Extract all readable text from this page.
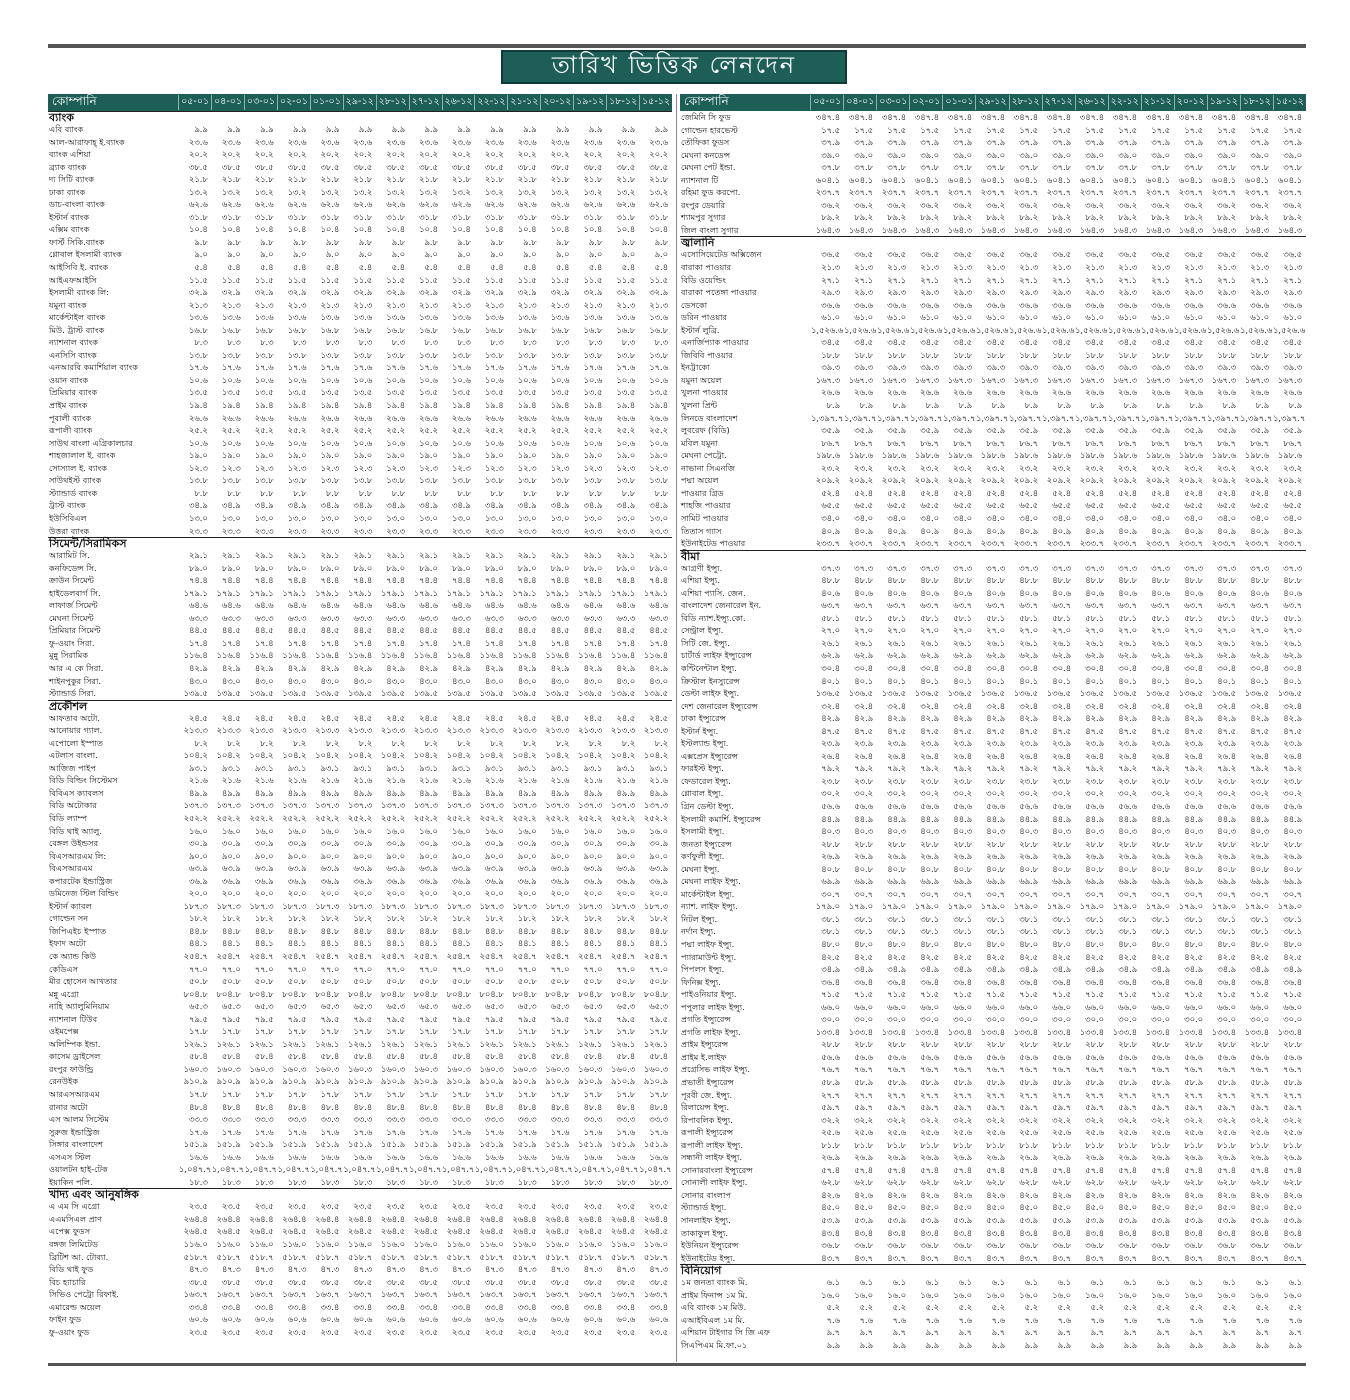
তারিখ ভিত্তিক লেনদেন
কোম্পানি	০৫-০১ ০৪-০১ ০৩-০১ ০২-০১ ০১-০১ ২৯-১২ ২৮-১২ ২৭-১২ ২৬-১২ ২২-১২ ২১-১২ ২০-১২ ১৯-১২ ১৮-১২ ১৫-১২
ব্যাংক
এবি ব্যাংক	৯.৯	৯.৯	৯.৯	৯.৯	৯.৯	৯.৯	৯.৯	৯.৯	৯.৯	৯.৯	৯.৯	৯.৯	৯.৯	৯.৯	৯.৯
আল-আরাফাহ্‌ ই.ব্যাংক	২৩.৬	২৩.৬	২৩.৬	২৩.৬	২৩.৬	২৩.৬	২৩.৬	২৩.৬	২৩.৬	২৩.৬	২৩.৬	২৩.৬	২৩.৬	২৩.৬	২৩.৬
ব্যাংক এশিয়া	২০.২	২০.২	২০.২	২০.২	২০.২	২০.২	২০.২	২০.২	২০.২	২০.২	২০.২	২০.২	২০.২	২০.২	২০.২
ব্র্যাক ব্যাংক	৩৮.৫	৩৮.৫	৩৮.৫	৩৮.৫	৩৮.৫	৩৮.৫	৩৮.৫	৩৮.৫	৩৮.৫	৩৮.৫	৩৮.৫	৩৮.৫	৩৮.৫	৩৮.৫	৩৮.৫
দ্য সিটি ব্যাংক	২১.৮	২১.৮	২১.৮	২১.৮	২১.৮	২১.৮	২১.৮	২১.৮	২১.৮	২১.৮	২১.৮	২১.৮	২১.৮	২১.৮	২১.৮
ঢাকা ব্যাংক	১৩.২	১৩.২	১৩.২	১৩.২	১৩.২	১৩.২	১৩.২	১৩.২	১৩.২	১৩.২	১৩.২	১৩.২	১৩.২	১৩.২	১৩.২
ডাচ-বাংলা ব্যাংক	৬২.৬	৬২.৬	৬২.৬	৬২.৬	৬২.৬	৬২.৬	৬২.৬	৬২.৬	৬২.৬	৬২.৬	৬২.৬	৬২.৬	৬২.৬	৬২.৬	৬২.৬
ইস্টার্ন ব্যাংক	৩১.৮	৩১.৮	৩১.৮	৩১.৮	৩১.৮	৩১.৮	৩১.৮	৩১.৮	৩১.৮	৩১.৮	৩১.৮	৩১.৮	৩১.৮	৩১.৮	৩১.৮
এক্সিম ব্যাংক	১০.৪	১০.৪	১০.৪	১০.৪	১০.৪	১০.৪	১০.৪	১০.৪	১০.৪	১০.৪	১০.৪	১০.৪	১০.৪	১০.৪	১০.৪
ফার্স্ট সিকি.ব্যাংক	৯.৮	৯.৮	৯.৮	৯.৮	৯.৮	৯.৮	৯.৮	৯.৮	৯.৮	৯.৮	৯.৮	৯.৮	৯.৮	৯.৮	৯.৮
গ্লোবাল ইসলামী ব্যাংক	৯.০	৯.০	৯.০	৯.০	৯.০	৯.০	৯.০	৯.০	৯.০	৯.০	৯.০	৯.০	৯.০	৯.০	৯.০
আইসিবি ই. ব্যাংক	৫.৪	৫.৪	৫.৪	৫.৪	৫.৪	৫.৪	৫.৪	৫.৪	৫.৪	৫.৪	৫.৪	৫.৪	৫.৪	৫.৪	৫.৪
আইএফআইসি	১১.৫	১১.৫	১১.৫	১১.৫	১১.৫	১১.৫	১১.৫	১১.৫	১১.৫	১১.৫	১১.৫	১১.৫	১১.৫	১১.৫	১১.৫
ইসলামী ব্যাংক লি:	৩২.৯	৩২.৯	৩২.৯	৩২.৯	৩২.৯	৩২.৯	৩২.৯	৩২.৯	৩২.৯	৩২.৯	৩২.৯	৩২.৯	৩২.৯	৩২.৯	৩২.৯
যমুনা ব্যাংক	২১.৩	২১.৩	২১.৩	২১.৩	২১.৩	২১.৩	২১.৩	২১.৩	২১.৩	২১.৩	২১.৩	২১.৩	২১.৩	২১.৩	২১.৩
মার্কেন্টাইল ব্যাংক	১৩.৬	১৩.৬	১৩.৬	১৩.৬	১৩.৬	১৩.৬	১৩.৬	১৩.৬	১৩.৬	১৩.৬	১৩.৬	১৩.৬	১৩.৬	১৩.৬	১৩.৬
মিউ. ট্রাস্ট ব্যাংক	১৬.৮	১৬.৮	১৬.৮	১৬.৮	১৬.৮	১৬.৮	১৬.৮	১৬.৮	১৬.৮	১৬.৮	১৬.৮	১৬.৮	১৬.৮	১৬.৮	১৬.৮
ন্যাশনাল ব্যাংক	৮.৩	৮.৩	৮.৩	৮.৩	৮.৩	৮.৩	৮.৩	৮.৩	৮.৩	৮.৩	৮.৩	৮.৩	৮.৩	৮.৩	৮.৩
এনসিসি ব্যাংক	১৩.৮	১৩.৮	১৩.৮	১৩.৮	১৩.৮	১৩.৮	১৩.৮	১৩.৮	১৩.৮	১৩.৮	১৩.৮	১৩.৮	১৩.৮	১৩.৮	১৩.৮
এনআরবি কমার্শিয়াল ব্যাংক	১৭.৬	১৭.৬	১৭.৬	১৭.৬	১৭.৬	১৭.৬	১৭.৬	১৭.৬	১৭.৬	১৭.৬	১৭.৬	১৭.৬	১৭.৬	১৭.৬	১৭.৬
ওয়ান ব্যাংক	১০.৬	১০.৬	১০.৬	১০.৬	১০.৬	১০.৬	১০.৬	১০.৬	১০.৬	১০.৬	১০.৬	১০.৬	১০.৬	১০.৬	১০.৬
প্রিমিয়ার ব্যাংক	১৩.৫	১৩.৫	১৩.৫	১৩.৫	১৩.৫	১৩.৫	১৩.৫	১৩.৫	১৩.৫	১৩.৫	১৩.৫	১৩.৫	১৩.৫	১৩.৫	১৩.৫
প্রাইম ব্যাংক	১৯.৪	১৯.৪	১৯.৪	১৯.৪	১৯.৪	১৯.৪	১৯.৪	১৯.৪	১৯.৪	১৯.৪	১৯.৪	১৯.৪	১৯.৪	১৯.৪	১৯.৪
পূবালী ব্যাংক	২৬.৬	২৬.৬	২৬.৬	২৬.৬	২৬.৬	২৬.৬	২৬.৬	২৬.৬	২৬.৬	২৬.৬	২৬.৬	২৬.৬	২৬.৬	২৬.৬	২৬.৬
রূপালী ব্যাংক	২৫.২	২৫.২	২৫.২	২৫.২	২৫.২	২৫.২	২৫.২	২৫.২	২৫.২	২৫.২	২৫.২	২৫.২	২৫.২	২৫.২	২৫.২
সাউথ বাংলা এগ্রিকালচার	১০.৬	১০.৬	১০.৬	১০.৬	১০.৬	১০.৬	১০.৬	১০.৬	১০.৬	১০.৬	১০.৬	১০.৬	১০.৬	১০.৬	১০.৬
শাহজালাল ই. ব্যাংক	১৯.০	১৯.০	১৯.০	১৯.০	১৯.০	১৯.০	১৯.০	১৯.০	১৯.০	১৯.০	১৯.০	১৯.০	১৯.০	১৯.০	১৯.০
সোস্যাল ই. ব্যাংক	১২.৩	১২.৩	১২.৩	১২.৩	১২.৩	১২.৩	১২.৩	১২.৩	১২.৩	১২.৩	১২.৩	১২.৩	১২.৩	১২.৩	১২.৩
সাউথইস্ট ব্যাংক	১৩.৮	১৩.৮	১৩.৮	১৩.৮	১৩.৮	১৩.৮	১৩.৮	১৩.৮	১৩.৮	১৩.৮	১৩.৮	১৩.৮	১৩.৮	১৩.৮	১৩.৮
স্ট্যান্ডার্ড ব্যাংক	৮.৮	৮.৮	৮.৮	৮.৮	৮.৮	৮.৮	৮.৮	৮.৮	৮.৮	৮.৮	৮.৮	৮.৮	৮.৮	৮.৮	৮.৮
ট্রাস্ট ব্যাংক	৩৪.৯	৩৪.৯	৩৪.৯	৩৪.৯	৩৪.৯	৩৪.৯	৩৪.৯	৩৪.৯	৩৪.৯	৩৪.৯	৩৪.৯	৩৪.৯	৩৪.৯	৩৪.৯	৩৪.৯
ইউসিবিএল	১৩.০	১৩.০	১৩.০	১৩.০	১৩.০	১৩.০	১৩.০	১৩.০	১৩.০	১৩.০	১৩.০	১৩.০	১৩.০	১৩.০	১৩.০
উত্তরা ব্যাংক	২৩.৩	২৩.৩	২৩.৩	২৩.৩	২৩.৩	২৩.৩	২৩.৩	২৩.৩	২৩.৩	২৩.৩	২৩.৩	২৩.৩	২৩.৩	২৩.৩	২৩.৩
সিমেন্ট/সিরামিকস
আরামিট সি.	২৯.১	২৯.১	২৯.১	২৯.১	২৯.১	২৯.১	২৯.১	২৯.১	২৯.১	২৯.১	২৯.১	২৯.১	২৯.১	২৯.১	২৯.১
কনফিডেন্স সি.	৮৯.০	৮৯.০	৮৯.০	৮৯.০	৮৯.০	৮৯.০	৮৯.০	৮৯.০	৮৯.০	৮৯.০	৮৯.০	৮৯.০	৮৯.০	৮৯.০	৮৯.০
ক্রাউন সিমেন্ট	৭৪.৪	৭৪.৪	৭৪.৪	৭৪.৪	৭৪.৪	৭৪.৪	৭৪.৪	৭৪.৪	৭৪.৪	৭৪.৪	৭৪.৪	৭৪.৪	৭৪.৪	৭৪.৪	৭৪.৪
হাইডেলবার্গ সি.	১৭৯.১	১৭৯.১	১৭৯.১	১৭৯.১	১৭৯.১	১৭৯.১	১৭৯.১	১৭৯.১	১৭৯.১	১৭৯.১	১৭৯.১	১৭৯.১	১৭৯.১	১৭৯.১	১৭৯.১
লাফার্জ সিমেন্ট	৬৪.৬	৬৪.৬	৬৪.৬	৬৪.৬	৬৪.৬	৬৪.৬	৬৪.৬	৬৪.৬	৬৪.৬	৬৪.৬	৬৪.৬	৬৪.৬	৬৪.৬	৬৪.৬	৬৪.৬
মেঘনা সিমেন্ট	৬৩.৩	৬৩.৩	৬৩.৩	৬৩.৩	৬৩.৩	৬৩.৩	৬৩.৩	৬৩.৩	৬৩.৩	৬৩.৩	৬৩.৩	৬৩.৩	৬৩.৩	৬৩.৩	৬৩.৩
প্রিমিয়ার সিমেন্ট	৪৪.৫	৪৪.৫	৪৪.৫	৪৪.৫	৪৪.৫	৪৪.৫	৪৪.৫	৪৪.৫	৪৪.৫	৪৪.৫	৪৪.৫	৪৪.৫	৪৪.৫	৪৪.৫	৪৪.৫
ফু-ওয়াং সিরা.	১৭.৪	১৭.৪	১৭.৪	১৭.৪	১৭.৪	১৭.৪	১৭.৪	১৭.৪	১৭.৪	১৭.৪	১৭.৪	১৭.৪	১৭.৪	১৭.৪	১৭.৪
মুন্নু সিরামিক	১১৬.৪	১১৬.৪	১১৬.৪	১১৬.৪	১১৬.৪	১১৬.৪	১১৬.৪	১১৬.৪	১১৬.৪	১১৬.৪	১১৬.৪	১১৬.৪	১১৬.৪	১১৬.৪	১১৬.৪
আর এ কে সিরা.	৪২.৯	৪২.৯	৪২.৯	৪২.৯	৪২.৯	৪২.৯	৪২.৯	৪২.৯	৪২.৯	৪২.৯	৪২.৯	৪২.৯	৪২.৯	৪২.৯	৪২.৯
শাইনপুকুর সিরা.	৪৩.০	৪৩.০	৪৩.০	৪৩.০	৪৩.০	৪৩.০	৪৩.০	৪৩.০	৪৩.০	৪৩.০	৪৩.০	৪৩.০	৪৩.০	৪৩.০	৪৩.০
স্ট্যান্ডার্ড সিরা.	১৩৯.৫	১৩৯.৫	১৩৯.৫	১৩৯.৫	১৩৯.৫	১৩৯.৫	১৩৯.৫	১৩৯.৫	১৩৯.৫	১৩৯.৫	১৩৯.৫	১৩৯.৫	১৩৯.৫	১৩৯.৫	১৩৯.৫
প্রকৌশল
আফতাব অটো.	২৪.৫	২৪.৫	২৪.৫	২৪.৫	২৪.৫	২৪.৫	২৪.৫	২৪.৫	২৪.৫	২৪.৫	২৪.৫	২৪.৫	২৪.৫	২৪.৫	২৪.৫
আনোয়ার গ্যাল.	২১৩.৩	২১৩.৩	২১৩.৩	২১৩.৩	২১৩.৩	২১৩.৩	২১৩.৩	২১৩.৩	২১৩.৩	২১৩.৩	২১৩.৩	২১৩.৩	২১৩.৩	২১৩.৩	২১৩.৩
এপোলো ইস্পাত	৮.২	৮.২	৮.২	৮.২	৮.২	৮.২	৮.২	৮.২	৮.২	৮.২	৮.২	৮.২	৮.২	৮.২	৮.২
এটলাস বাংলা.	১০৪.২	১০৪.২	১০৪.২	১০৪.২	১০৪.২	১০৪.২	১০৪.২	১০৪.২	১০৪.২	১০৪.২	১০৪.২	১০৪.২	১০৪.২	১০৪.২	১০৪.২
আজিজ পাইপ	৯৩.১	৯৩.১	৯৩.১	৯৩.১	৯৩.১	৯৩.১	৯৩.১	৯৩.১	৯৩.১	৯৩.১	৯৩.১	৯৩.১	৯৩.১	৯৩.১	৯৩.১
বিডি বিল্ডিং সিস্টেমস	২১.৬	২১.৬	২১.৬	২১.৬	২১.৬	২১.৬	২১.৬	২১.৬	২১.৬	২১.৬	২১.৬	২১.৬	২১.৬	২১.৬	২১.৬
বিবিএস ক্যাবলস	৪৯.৯	৪৯.৯	৪৯.৯	৪৯.৯	৪৯.৯	৪৯.৯	৪৯.৯	৪৯.৯	৪৯.৯	৪৯.৯	৪৯.৯	৪৯.৯	৪৯.৯	৪৯.৯	৪৯.৯
বিডি অটোকার	১৩৭.৩	১৩৭.৩	১৩৭.৩	১৩৭.৩	১৩৭.৩	১৩৭.৩	১৩৭.৩	১৩৭.৩	১৩৭.৩	১৩৭.৩	১৩৭.৩	১৩৭.৩	১৩৭.৩	১৩৭.৩	১৩৭.৩
বিডি ল্যাম্প	২৫২.২	২৫২.২	২৫২.২	২৫২.২	২৫২.২	২৫২.২	২৫২.২	২৫২.২	২৫২.২	২৫২.২	২৫২.২	২৫২.২	২৫২.২	২৫২.২	২৫২.২
বিডি থাই অ্যালু.	১৬.০	১৬.০	১৬.০	১৬.০	১৬.০	১৬.০	১৬.০	১৬.০	১৬.০	১৬.০	১৬.০	১৬.০	১৬.০	১৬.০	১৬.০
বেঙ্গল উইন্ডসর	৩০.৯	৩০.৯	৩০.৯	৩০.৯	৩০.৯	৩০.৯	৩০.৯	৩০.৯	৩০.৯	৩০.৯	৩০.৯	৩০.৯	৩০.৯	৩০.৯	৩০.৯
বিএসআরএম লি:	৯০.০	৯০.০	৯০.০	৯০.০	৯০.০	৯০.০	৯০.০	৯০.০	৯০.০	৯০.০	৯০.০	৯০.০	৯০.০	৯০.০	৯০.০
বিএসআরএম	৬৩.৯	৬৩.৯	৬৩.৯	৬৩.৯	৬৩.৯	৬৩.৯	৬৩.৯	৬৩.৯	৬৩.৯	৬৩.৯	৬৩.৯	৬৩.৯	৬৩.৯	৬৩.৯	৬৩.৯
কপারটেক ইন্ডাস্ট্রিজ	৩৬.৯	৩৬.৯	৩৬.৯	৩৬.৯	৩৬.৯	৩৬.৯	৩৬.৯	৩৬.৯	৩৬.৯	৩৬.৯	৩৬.৯	৩৬.৯	৩৬.৯	৩৬.৯	৩৬.৯
ডমিনেজ স্টিল বিল্ডিং	২০.০	২০.০	২০.০	২০.০	২০.০	২০.০	২০.০	২০.০	২০.০	২০.০	২০.০	২০.০	২০.০	২০.০	২০.০
ইস্টার্ন ক্যাবল	১৮৭.৩	১৮৭.৩	১৮৭.৩	১৮৭.৩	১৮৭.৩	১৮৭.৩	১৮৭.৩	১৮৭.৩	১৮৭.৩	১৮৭.৩	১৮৭.৩	১৮৭.৩	১৮৭.৩	১৮৭.৩	১৮৭.৩
গোল্ডেন সন	১৮.২	১৮.২	১৮.২	১৮.২	১৮.২	১৮.২	১৮.২	১৮.২	১৮.২	১৮.২	১৮.২	১৮.২	১৮.২	১৮.২	১৮.২
জিপিএইচ ইস্পাত	৪৪.৮	৪৪.৮	৪৪.৮	৪৪.৮	৪৪.৮	৪৪.৮	৪৪.৮	৪৪.৮	৪৪.৮	৪৪.৮	৪৪.৮	৪৪.৮	৪৪.৮	৪৪.৮	৪৪.৮
ইফাদ অটো	৪৪.১	৪৪.১	৪৪.১	৪৪.১	৪৪.১	৪৪.১	৪৪.১	৪৪.১	৪৪.১	৪৪.১	৪৪.১	৪৪.১	৪৪.১	৪৪.১	৪৪.১
কে অ্যান্ড কিউ	২৫৪.৭	২৫৪.৭	২৫৪.৭	২৫৪.৭	২৫৪.৭	২৫৪.৭	২৫৪.৭	২৫৪.৭	২৫৪.৭	২৫৪.৭	২৫৪.৭	২৫৪.৭	২৫৪.৭	২৫৪.৭	২৫৪.৭
কেডিএস	৭৭.০	৭৭.০	৭৭.০	৭৭.০	৭৭.০	৭৭.০	৭৭.০	৭৭.০	৭৭.০	৭৭.০	৭৭.০	৭৭.০	৭৭.০	৭৭.০	৭৭.০
মীর হোসেন আখতার	৫০.৮	৫০.৮	৫০.৮	৫০.৮	৫০.৮	৫০.৮	৫০.৮	৫০.৮	৫০.৮	৫০.৮	৫০.৮	৫০.৮	৫০.৮	৫০.৮	৫০.৮
মন্নু এগ্রো	৮০৪.৮	৮০৪.৮	৮০৪.৮	৮০৪.৮	৮০৪.৮	৮০৪.৮	৮০৪.৮	৮০৪.৮	৮০৪.৮	৮০৪.৮	৮০৪.৮	৮০৪.৮	৮০৪.৮	৮০৪.৮	৮০৪.৮
নাহি অ্যালুমিনিয়াম	৬৫.৩	৬৫.৩	৬৫.৩	৬৫.৩	৬৫.৩	৬৫.৩	৬৫.৩	৬৫.৩	৬৫.৩	৬৫.৩	৬৫.৩	৬৫.৩	৬৫.৩	৬৫.৩	৬৫.৩
ন্যাশনাল টিউব	৭৯.৫	৭৯.৫	৭৯.৫	৭৯.৫	৭৯.৫	৭৯.৫	৭৯.৫	৭৯.৫	৭৯.৫	৭৯.৫	৭৯.৫	৭৯.৫	৭৯.৫	৭৯.৫	৭৯.৫
ওইমপেক্স	১৭.৮	১৭.৮	১৭.৮	১৭.৮	১৭.৮	১৭.৮	১৭.৮	১৭.৮	১৭.৮	১৭.৮	১৭.৮	১৭.৮	১৭.৮	১৭.৮	১৭.৮
অলিম্পিক ইন্ডা.	১২৬.১	১২৬.১	১২৬.১	১২৬.১	১২৬.১	১২৬.১	১২৬.১	১২৬.১	১২৬.১	১২৬.১	১২৬.১	১২৬.১	১২৬.১	১২৬.১	১২৬.১
কাসেম ড্রাইসেল	৫৮.৪	৫৮.৪	৫৮.৪	৫৮.৪	৫৮.৪	৫৮.৪	৫৮.৪	৫৮.৪	৫৮.৪	৫৮.৪	৫৮.৪	৫৮.৪	৫৮.৪	৫৮.৪	৫৮.৪
রংপুর ফাউন্ড্রি	১৬০.৩	১৬০.৩	১৬০.৩	১৬০.৩	১৬০.৩	১৬০.৩	১৬০.৩	১৬০.৩	১৬০.৩	১৬০.৩	১৬০.৩	১৬০.৩	১৬০.৩	১৬০.৩	১৬০.৩
রেনউইক	৯১০.৯	৯১০.৯	৯১০.৯	৯১০.৯	৯১০.৯	৯১০.৯	৯১০.৯	৯১০.৯	৯১০.৯	৯১০.৯	৯১০.৯	৯১০.৯	৯১০.৯	৯১০.৯	৯১০.৯
আরএসআরএম	১৭.৮	১৭.৮	১৭.৮	১৭.৮	১৭.৮	১৭.৮	১৭.৮	১৭.৮	১৭.৮	১৭.৮	১৭.৮	১৭.৮	১৭.৮	১৭.৮	১৭.৮
রানার অটো	৪৮.৪	৪৮.৪	৪৮.৪	৪৮.৪	৪৮.৪	৪৮.৪	৪৮.৪	৪৮.৪	৪৮.৪	৪৮.৪	৪৮.৪	৪৮.৪	৪৮.৪	৪৮.৪	৪৮.৪
এস আলম সিস্টেম	৩৩.৩	৩৩.৩	৩৩.৩	৩৩.৩	৩৩.৩	৩৩.৩	৩৩.৩	৩৩.৩	৩৩.৩	৩৩.৩	৩৩.৩	৩৩.৩	৩৩.৩	৩৩.৩	৩৩.৩
সুরুজ ইন্ডাস্ট্রিজ	১৭.৬	১৭.৬	১৭.৬	১৭.৬	১৭.৬	১৭.৬	১৭.৬	১৭.৬	১৭.৬	১৭.৬	১৭.৬	১৭.৬	১৭.৬	১৭.৬	১৭.৬
সিঙ্গার বাংলাদেশ	১৫১.৯	১৫১.৯	১৫১.৯	১৫১.৯	১৫১.৯	১৫১.৯	১৫১.৯	১৫১.৯	১৫১.৯	১৫১.৯	১৫১.৯	১৫১.৯	১৫১.৯	১৫১.৯	১৫১.৯
এসএস স্টিল	১৬.৬	১৬.৬	১৬.৬	১৬.৬	১৬.৬	১৬.৬	১৬.৬	১৬.৬	১৬.৬	১৬.৬	১৬.৬	১৬.৬	১৬.৬	১৬.৬	১৬.৬
ওয়ালটন হাই-টেক	১,০৪৭.৭ ১,০৪৭.৭ ১,০৪৭.৭ ১,০৪৭.৭ ১,০৪৭.৭ ১,০৪৭.৭ ১,০৪৭.৭ ১,০৪৭.৭ ১,০৪৭.৭ ১,০৪৭.৭ ১,০৪৭.৭ ১,০৪৭.৭ ১,০৪৭.৭ ১,০৪৭.৭ ১,০৪৭.৭
ইয়াকিন পলি.	১৮.৩	১৮.৩	১৮.৩	১৮.৩	১৮.৩	১৮.৩	১৮.৩	১৮.৩	১৮.৩	১৮.৩	১৮.৩	১৮.৩	১৮.৩	১৮.৩	১৮.৩
খাদ্য এবং আনুষঙ্গিক
এ এম সি এগ্রো	২৩.৫	২৩.৫	২৩.৫	২৩.৫	২৩.৫	২৩.৫	২৩.৫	২৩.৫	২৩.৫	২৩.৫	২৩.৫	২৩.৫	২৩.৫	২৩.৫	২৩.৫
এএমসিএল প্রাণ	২৬৪.৪	২৬৪.৪	২৬৪.৪	২৬৪.৪	২৬৪.৪	২৬৪.৪	২৬৪.৪	২৬৪.৪	২৬৪.৪	২৬৪.৪	২৬৪.৪	২৬৪.৪	২৬৪.৪	২৬৪.৪	২৬৪.৪
এপেক্স ফুডস	২৬৪.৫	২৬৪.৫	২৬৪.৫	২৬৪.৫	২৬৪.৫	২৬৪.৫	২৬৪.৫	২৬৪.৫	২৬৪.৫	২৬৪.৫	২৬৪.৫	২৬৪.৫	২৬৪.৫	২৬৪.৫	২৬৪.৫
বঙ্গজ লিমিটেড	১১৬.০	১১৬.০	১১৬.০	১১৬.০	১১৬.০	১১৬.০	১১৬.০	১১৬.০	১১৬.০	১১৬.০	১১৬.০	১১৬.০	১১৬.০	১১৬.০	১১৬.০
ব্রিটিশ আ. টোব্যা.	৫১৮.৭	৫১৮.৭	৫১৮.৭	৫১৮.৭	৫১৮.৭	৫১৮.৭	৫১৮.৭	৫১৮.৭	৫১৮.৭	৫১৮.৭	৫১৮.৭	৫১৮.৭	৫১৮.৭	৫১৮.৭	৫১৮.৭
বিডি থাই ফুড	৪৭.৩	৪৭.৩	৪৭.৩	৪৭.৩	৪৭.৩	৪৭.৩	৪৭.৩	৪৭.৩	৪৭.৩	৪৭.৩	৪৭.৩	৪৭.৩	৪৭.৩	৪৭.৩	৪৭.৩
বিচ হ্যাচারি	৩৮.৫	৩৮.৫	৩৮.৫	৩৮.৫	৩৮.৫	৩৮.৫	৩৮.৫	৩৮.৫	৩৮.৫	৩৮.৫	৩৮.৫	৩৮.৫	৩৮.৫	৩৮.৫	৩৮.৫
সিভিও পেট্রো রিফাই.	১৬৩.৭	১৬৩.৭	১৬৩.৭	১৬৩.৭	১৬৩.৭	১৬৩.৭	১৬৩.৭	১৬৩.৭	১৬৩.৭	১৬৩.৭	১৬৩.৭	১৬৩.৭	১৬৩.৭	১৬৩.৭	১৬৩.৭
এমারেল্ড অয়েল	৩৩.৪	৩৩.৪	৩৩.৪	৩৩.৪	৩৩.৪	৩৩.৪	৩৩.৪	৩৩.৪	৩৩.৪	৩৩.৪	৩৩.৪	৩৩.৪	৩৩.৪	৩৩.৪	৩৩.৪
ফাইন ফুড	৬০.৬	৬০.৬	৬০.৬	৬০.৬	৬০.৬	৬০.৬	৬০.৬	৬০.৬	৬০.৬	৬০.৬	৬০.৬	৬০.৬	৬০.৬	৬০.৬	৬০.৬
ফু-ওয়াং ফুড	২৩.৫	২৩.৫	২৩.৫	২৩.৫	২৩.৫	২৩.৫	২৩.৫	২৩.৫	২৩.৫	২৩.৫	২৩.৫	২৩.৫	২৩.৫	২৩.৫	২৩.৫
কোম্পানি	০৫-০১ ০৪-০১ ০৩-০১ ০২-০১ ০১-০১ ২৯-১২ ২৮-১২ ২৭-১২ ২৬-১২ ২২-১২ ২১-১২ ২০-১২ ১৯-১২ ১৮-১২ ১৫-১২
জেমিনি সি ফুড	৩৪৭.৪	৩৪৭.৪	৩৪৭.৪	৩৪৭.৪	৩৪৭.৪	৩৪৭.৪	৩৪৭.৪	৩৪৭.৪	৩৪৭.৪	৩৪৭.৪	৩৪৭.৪	৩৪৭.৪	৩৪৭.৪	৩৪৭.৪	৩৪৭.৪
গোল্ডেন হারভেস্ট	১৭.৫	১৭.৫	১৭.৫	১৭.৫	১৭.৫	১৭.৫	১৭.৫	১৭.৫	১৭.৫	১৭.৫	১৭.৫	১৭.৫	১৭.৫	১৭.৫	১৭.৫
তৌফিকা ফুডস	৩৭.৯	৩৭.৯	৩৭.৯	৩৭.৯	৩৭.৯	৩৭.৯	৩৭.৯	৩৭.৯	৩৭.৯	৩৭.৯	৩৭.৯	৩৭.৯	৩৭.৯	৩৭.৯	৩৭.৯
মেঘনা কনডেন্স	৩৯.০	৩৯.০	৩৯.০	৩৯.০	৩৯.০	৩৯.০	৩৯.০	৩৯.০	৩৯.০	৩৯.০	৩৯.০	৩৯.০	৩৯.০	৩৯.০	৩৯.০
মেঘনা পেট ইন্ডা.	৩৭.৮	৩৭.৮	৩৭.৮	৩৭.৮	৩৭.৮	৩৭.৮	৩৭.৮	৩৭.৮	৩৭.৮	৩৭.৮	৩৭.৮	৩৭.৮	৩৭.৮	৩৭.৮	৩৭.৮
ন্যাশনাল টি	৬০৪.১	৬০৪.১	৬০৪.১	৬০৪.১	৬০৪.১	৬০৪.১	৬০৪.১	৬০৪.১	৬০৪.১	৬০৪.১	৬০৪.১	৬০৪.১	৬০৪.১	৬০৪.১	৬০৪.১
রহিমা ফুড করপো.	২৩৭.৭	২৩৭.৭	২৩৭.৭	২৩৭.৭	২৩৭.৭	২৩৭.৭	২৩৭.৭	২৩৭.৭	২৩৭.৭	২৩৭.৭	২৩৭.৭	২৩৭.৭	২৩৭.৭	২৩৭.৭	২৩৭.৭
রংপুর ডেয়ারি	৩৬.২	৩৬.২	৩৬.২	৩৬.২	৩৬.২	৩৬.২	৩৬.২	৩৬.২	৩৬.২	৩৬.২	৩৬.২	৩৬.২	৩৬.২	৩৬.২	৩৬.২
শ্যামপুর সুগার	৮৯.২	৮৯.২	৮৯.২	৮৯.২	৮৯.২	৮৯.২	৮৯.২	৮৯.২	৮৯.২	৮৯.২	৮৯.২	৮৯.২	৮৯.২	৮৯.২	৮৯.২
জিল বাংলা সুগার	১৬৪.৩	১৬৪.৩	১৬৪.৩	১৬৪.৩	১৬৪.৩	১৬৪.৩	১৬৪.৩	১৬৪.৩	১৬৪.৩	১৬৪.৩	১৬৪.৩	১৬৪.৩	১৬৪.৩	১৬৪.৩	১৬৪.৩
জ্বালানি
এসোসিয়েটেড অক্সিজেন	৩৬.৫	৩৬.৫	৩৬.৫	৩৬.৫	৩৬.৫	৩৬.৫	৩৬.৫	৩৬.৫	৩৬.৫	৩৬.৫	৩৬.৫	৩৬.৫	৩৬.৫	৩৬.৫	৩৬.৫
বারাকা পাওয়ার	২১.৩	২১.৩	২১.৩	২১.৩	২১.৩	২১.৩	২১.৩	২১.৩	২১.৩	২১.৩	২১.৩	২১.৩	২১.৩	২১.৩	২১.৩
বিডি ওয়েল্ডিং	২৭.১	২৭.১	২৭.১	২৭.১	২৭.১	২৭.১	২৭.১	২৭.১	২৭.১	২৭.১	২৭.১	২৭.১	২৭.১	২৭.১	২৭.১
বারাকা পতেঙ্গা পাওয়ার	২৯.৩	২৯.৩	২৯.৩	২৯.৩	২৯.৩	২৯.৩	২৯.৩	২৯.৩	২৯.৩	২৯.৩	২৯.৩	২৯.৩	২৯.৩	২৯.৩	২৯.৩
ডেসকো	৩৬.৬	৩৬.৬	৩৬.৬	৩৬.৬	৩৬.৬	৩৬.৬	৩৬.৬	৩৬.৬	৩৬.৬	৩৬.৬	৩৬.৬	৩৬.৬	৩৬.৬	৩৬.৬	৩৬.৬
ডরিন পাওয়ার	৬১.০	৬১.০	৬১.০	৬১.০	৬১.০	৬১.০	৬১.০	৬১.০	৬১.০	৬১.০	৬১.০	৬১.০	৬১.০	৬১.০	৬১.০
ইস্টার্ন লুব্রি.	১,৫২৬.৬ ১,৫২৬.৬ ১,৫২৬.৬ ১,৫২৬.৬ ১,৫২৬.৬ ১,৫২৬.৬ ১,৫২৬.৬ ১,৫২৬.৬ ১,৫২৬.৬ ১,৫২৬.৬ ১,৫২৬.৬ ১,৫২৬.৬ ১,৫২৬.৬ ১,৫২৬.৬ ১,৫২৬.৬
এনার্জিপ্যাক পাওয়ার	৩৪.৫	৩৪.৫	৩৪.৫	৩৪.৫	৩৪.৫	৩৪.৫	৩৪.৫	৩৪.৫	৩৪.৫	৩৪.৫	৩৪.৫	৩৪.৫	৩৪.৫	৩৪.৫	৩৪.৫
জিবিবি পাওয়ার	১৮.৮	১৮.৮	১৮.৮	১৮.৮	১৮.৮	১৮.৮	১৮.৮	১৮.৮	১৮.৮	১৮.৮	১৮.৮	১৮.৮	১৮.৮	১৮.৮	১৮.৮
ইনট্রাকো	৩৯.৩	৩৯.৩	৩৯.৩	৩৯.৩	৩৯.৩	৩৯.৩	৩৯.৩	৩৯.৩	৩৯.৩	৩৯.৩	৩৯.৩	৩৯.৩	৩৯.৩	৩৯.৩	৩৯.৩
যমুনা অয়েল	১৬৭.৩	১৬৭.৩	১৬৭.৩	১৬৭.৩	১৬৭.৩	১৬৭.৩	১৬৭.৩	১৬৭.৩	১৬৭.৩	১৬৭.৩	১৬৭.৩	১৬৭.৩	১৬৭.৩	১৬৭.৩	১৬৭.৩
খুলনা পাওয়ার	২৬.৬	২৬.৬	২৬.৬	২৬.৬	২৬.৬	২৬.৬	২৬.৬	২৬.৬	২৬.৬	২৬.৬	২৬.৬	২৬.৬	২৬.৬	২৬.৬	২৬.৬
খুলনা প্রিন্ট	৮.৯	৮.৯	৮.৯	৮.৯	৮.৯	৮.৯	৮.৯	৮.৯	৮.৯	৮.৯	৮.৯	৮.৯	৮.৯	৮.৯	৮.৯
লিনডে বাংলাদেশ	১,৩৯৭.৭ ১,৩৯৭.৭ ১,৩৯৭.৭ ১,৩৯৭.৭ ১,৩৯৭.৭ ১,৩৯৭.৭ ১,৩৯৭.৭ ১,৩৯৭.৭ ১,৩৯৭.৭ ১,৩৯৭.৭ ১,৩৯৭.৭ ১,৩৯৭.৭ ১,৩৯৭.৭ ১,৩৯৭.৭ ১,৩৯৭.৭
লুবরেফ (বিডি)	৩৫.৯	৩৫.৯	৩৫.৯	৩৫.৯	৩৫.৯	৩৫.৯	৩৫.৯	৩৫.৯	৩৫.৯	৩৫.৯	৩৫.৯	৩৫.৯	৩৫.৯	৩৫.৯	৩৫.৯
মবিল যমুনা	৮৬.৭	৮৬.৭	৮৬.৭	৮৬.৭	৮৬.৭	৮৬.৭	৮৬.৭	৮৬.৭	৮৬.৭	৮৬.৭	৮৬.৭	৮৬.৭	৮৬.৭	৮৬.৭	৮৬.৭
মেঘনা পেট্রো.	১৯৮.৬	১৯৮.৬	১৯৮.৬	১৯৮.৬	১৯৮.৬	১৯৮.৬	১৯৮.৬	১৯৮.৬	১৯৮.৬	১৯৮.৬	১৯৮.৬	১৯৮.৬	১৯৮.৬	১৯৮.৬	১৯৮.৬
নাভানা সিএনজি	২৩.২	২৩.২	২৩.২	২৩.২	২৩.২	২৩.২	২৩.২	২৩.২	২৩.২	২৩.২	২৩.২	২৩.২	২৩.২	২৩.২	২৩.২
পদ্মা অয়েল	২০৯.২	২০৯.২	২০৯.২	২০৯.২	২০৯.২	২০৯.২	২০৯.২	২০৯.২	২০৯.২	২০৯.২	২০৯.২	২০৯.২	২০৯.২	২০৯.২	২০৯.২
পাওয়ার গ্রিড	৫২.৪	৫২.৪	৫২.৪	৫২.৪	৫২.৪	৫২.৪	৫২.৪	৫২.৪	৫২.৪	৫২.৪	৫২.৪	৫২.৪	৫২.৪	৫২.৪	৫২.৪
শাহজি পাওয়ার	৬৫.৫	৬৫.৫	৬৫.৫	৬৫.৫	৬৫.৫	৬৫.৫	৬৫.৫	৬৫.৫	৬৫.৫	৬৫.৫	৬৫.৫	৬৫.৫	৬৫.৫	৬৫.৫	৬৫.৫
সামিট পাওয়ার	৩৪.০	৩৪.০	৩৪.০	৩৪.০	৩৪.০	৩৪.০	৩৪.০	৩৪.০	৩৪.০	৩৪.০	৩৪.০	৩৪.০	৩৪.০	৩৪.০	৩৪.০
তিতাস গ্যাস	৪০.৯	৪০.৯	৪০.৯	৪০.৯	৪০.৯	৪০.৯	৪০.৯	৪০.৯	৪০.৯	৪০.৯	৪০.৯	৪০.৯	৪০.৯	৪০.৯	৪০.৯
ইউনাইটেড পাওয়ার	২৩৩.৭	২৩৩.৭	২৩৩.৭	২৩৩.৭	২৩৩.৭	২৩৩.৭	২৩৩.৭	২৩৩.৭	২৩৩.৭	২৩৩.৭	২৩৩.৭	২৩৩.৭	২৩৩.৭	২৩৩.৭	২৩৩.৭
বীমা
আগ্রণী ইন্স্যু.	৩৭.৩	৩৭.৩	৩৭.৩	৩৭.৩	৩৭.৩	৩৭.৩	৩৭.৩	৩৭.৩	৩৭.৩	৩৭.৩	৩৭.৩	৩৭.৩	৩৭.৩	৩৭.৩	৩৭.৩
এশিয়া ইন্স্যু.	৪৮.৮	৪৮.৮	৪৮.৮	৪৮.৮	৪৮.৮	৪৮.৮	৪৮.৮	৪৮.৮	৪৮.৮	৪৮.৮	৪৮.৮	৪৮.৮	৪৮.৮	৪৮.৮	৪৮.৮
এশিয়া প্যাসি. জেন.	৪০.৬	৪০.৬	৪০.৬	৪০.৬	৪০.৬	৪০.৬	৪০.৬	৪০.৬	৪০.৬	৪০.৬	৪০.৬	৪০.৬	৪০.৬	৪০.৬	৪০.৬
বাংলাদেশ জেনারেল ইন.	৬৩.৭	৬৩.৭	৬৩.৭	৬৩.৭	৬৩.৭	৬৩.৭	৬৩.৭	৬৩.৭	৬৩.৭	৬৩.৭	৬৩.৭	৬৩.৭	৬৩.৭	৬৩.৭	৬৩.৭
বিডি ন্যাশ.ইন্স্যু.কো.	৫৮.১	৫৮.১	৫৮.১	৫৮.১	৫৮.১	৫৮.১	৫৮.১	৫৮.১	৫৮.১	৫৮.১	৫৮.১	৫৮.১	৫৮.১	৫৮.১	৫৮.১
সেন্ট্রাল ইন্স্যু.	২৭.০	২৭.০	২৭.০	২৭.০	২৭.০	২৭.০	২৭.০	২৭.০	২৭.০	২৭.০	২৭.০	২৭.০	২৭.০	২৭.০	২৭.০
সিটি জে. ইন্স্যু.	২৬.১	২৬.১	২৬.১	২৬.১	২৬.১	২৬.১	২৬.১	২৬.১	২৬.১	২৬.১	২৬.১	২৬.১	২৬.১	২৬.১	২৬.১
চার্টার্ড লাইফ ইন্স্যুরেন্স	৬২.৯	৬২.৯	৬২.৯	৬২.৯	৬২.৯	৬২.৯	৬২.৯	৬২.৯	৬২.৯	৬২.৯	৬২.৯	৬২.৯	৬২.৯	৬২.৯	৬২.৯
কন্টিনেন্টাল ইন্স্যু.	৩০.৪	৩০.৪	৩০.৪	৩০.৪	৩০.৪	৩০.৪	৩০.৪	৩০.৪	৩০.৪	৩০.৪	৩০.৪	৩০.৪	৩০.৪	৩০.৪	৩০.৪
ক্রিস্টাল ইনস্যুরেন্স	৪০.১	৪০.১	৪০.১	৪০.১	৪০.১	৪০.১	৪০.১	৪০.১	৪০.১	৪০.১	৪০.১	৪০.১	৪০.১	৪০.১	৪০.১
ডেল্টা লাইফ ইন্স্যু.	১৩৬.৫	১৩৬.৫	১৩৬.৫	১৩৬.৫	১৩৬.৫	১৩৬.৫	১৩৬.৫	১৩৬.৫	১৩৬.৫	১৩৬.৫	১৩৬.৫	১৩৬.৫	১৩৬.৫	১৩৬.৫	১৩৬.৫
দেশ জেনারেল ইন্স্যুরেন্স	৩২.৪	৩২.৪	৩২.৪	৩২.৪	৩২.৪	৩২.৪	৩২.৪	৩২.৪	৩২.৪	৩২.৪	৩২.৪	৩২.৪	৩২.৪	৩২.৪	৩২.৪
ঢাকা ইন্স্যুরেন্স	৪২.৯	৪২.৯	৪২.৯	৪২.৯	৪২.৯	৪২.৯	৪২.৯	৪২.৯	৪২.৯	৪২.৯	৪২.৯	৪২.৯	৪২.৯	৪২.৯	৪২.৯
ইস্টার্ন ইন্স্যু.	৪৭.৫	৪৭.৫	৪৭.৫	৪৭.৫	৪৭.৫	৪৭.৫	৪৭.৫	৪৭.৫	৪৭.৫	৪৭.৫	৪৭.৫	৪৭.৫	৪৭.৫	৪৭.৫	৪৭.৫
ইস্টল্যান্ড ইন্স্যু.	২৩.৯	২৩.৯	২৩.৯	২৩.৯	২৩.৯	২৩.৯	২৩.৯	২৩.৯	২৩.৯	২৩.৯	২৩.৯	২৩.৯	২৩.৯	২৩.৯	২৩.৯
এক্সপ্রেস ইন্স্যুরেন্স	২৬.৪	২৬.৪	২৬.৪	২৬.৪	২৬.৪	২৬.৪	২৬.৪	২৬.৪	২৬.৪	২৬.৪	২৬.৪	২৬.৪	২৬.৪	২৬.৪	২৬.৪
ফারইস্ট ইন্স্যু.	৭৯.২	৭৯.২	৭৯.২	৭৯.২	৭৯.২	৭৯.২	৭৯.২	৭৯.২	৭৯.২	৭৯.২	৭৯.২	৭৯.২	৭৯.২	৭৯.২	৭৯.২
ফেডারেল ইন্স্যু.	২৩.৮	২৩.৮	২৩.৮	২৩.৮	২৩.৮	২৩.৮	২৩.৮	২৩.৮	২৩.৮	২৩.৮	২৩.৮	২৩.৮	২৩.৮	২৩.৮	২৩.৮
গ্লোবাল ইন্স্যু.	৩০.২	৩০.২	৩০.২	৩০.২	৩০.২	৩০.২	৩০.২	৩০.২	৩০.২	৩০.২	৩০.২	৩০.২	৩০.২	৩০.২	৩০.২
গ্রিন ডেল্টা ইন্স্যু.	৫৬.৬	৫৬.৬	৫৬.৬	৫৬.৬	৫৬.৬	৫৬.৬	৫৬.৬	৫৬.৬	৫৬.৬	৫৬.৬	৫৬.৬	৫৬.৬	৫৬.৬	৫৬.৬	৫৬.৬
ইসলামী কমার্শি. ইন্স্যুরেন্স	৪৪.৯	৪৪.৯	৪৪.৯	৪৪.৯	৪৪.৯	৪৪.৯	৪৪.৯	৪৪.৯	৪৪.৯	৪৪.৯	৪৪.৯	৪৪.৯	৪৪.৯	৪৪.৯	৪৪.৯
ইসলামী ইন্স্যু.	৪০.৩	৪০.৩	৪০.৩	৪০.৩	৪০.৩	৪০.৩	৪০.৩	৪০.৩	৪০.৩	৪০.৩	৪০.৩	৪০.৩	৪০.৩	৪০.৩	৪০.৩
জনতা ইন্স্যুরেন্স	২৮.৮	২৮.৮	২৮.৮	২৮.৮	২৮.৮	২৮.৮	২৮.৮	২৮.৮	২৮.৮	২৮.৮	২৮.৮	২৮.৮	২৮.৮	২৮.৮	২৮.৮
কর্ণফুলী ইন্স্যু.	২৬.৯	২৬.৯	২৬.৯	২৬.৯	২৬.৯	২৬.৯	২৬.৯	২৬.৯	২৬.৯	২৬.৯	২৬.৯	২৬.৯	২৬.৯	২৬.৯	২৬.৯
মেঘনা ইন্স্যু.	৪০.৮	৪০.৮	৪০.৮	৪০.৮	৪০.৮	৪০.৮	৪০.৮	৪০.৮	৪০.৮	৪০.৮	৪০.৮	৪০.৮	৪০.৮	৪০.৮	৪০.৮
মেঘনা লাইফ ইন্স্যু.	৬৯.৯	৬৯.৯	৬৯.৯	৬৯.৯	৬৯.৯	৬৯.৯	৬৯.৯	৬৯.৯	৬৯.৯	৬৯.৯	৬৯.৯	৬৯.৯	৬৯.৯	৬৯.৯	৬৯.৯
মার্কেন্টাইল ইন্স্যু.	৩০.৭	৩০.৭	৩০.৭	৩০.৭	৩০.৭	৩০.৭	৩০.৭	৩০.৭	৩০.৭	৩০.৭	৩০.৭	৩০.৭	৩০.৭	৩০.৭	৩০.৭
ন্যাশ. লাইফ ইন্স্যু.	১৭৯.০	১৭৯.০	১৭৯.০	১৭৯.০	১৭৯.০	১৭৯.০	১৭৯.০	১৭৯.০	১৭৯.০	১৭৯.০	১৭৯.০	১৭৯.০	১৭৯.০	১৭৯.০	১৭৯.০
নিটল ইন্স্যু.	৩৮.১	৩৮.১	৩৮.১	৩৮.১	৩৮.১	৩৮.১	৩৮.১	৩৮.১	৩৮.১	৩৮.১	৩৮.১	৩৮.১	৩৮.১	৩৮.১	৩৮.১
নর্দান ইন্স্যু.	৩৮.১	৩৮.১	৩৮.১	৩৮.১	৩৮.১	৩৮.১	৩৮.১	৩৮.১	৩৮.১	৩৮.১	৩৮.১	৩৮.১	৩৮.১	৩৮.১	৩৮.১
পদ্মা লাইফ ইন্স্যু.	৪৮.০	৪৮.০	৪৮.০	৪৮.০	৪৮.০	৪৮.০	৪৮.০	৪৮.০	৪৮.০	৪৮.০	৪৮.০	৪৮.০	৪৮.০	৪৮.০	৪৮.০
প্যারামাউন্ট ইন্স্যু.	৪২.৫	৪২.৫	৪২.৫	৪২.৫	৪২.৫	৪২.৫	৪২.৫	৪২.৫	৪২.৫	৪২.৫	৪২.৫	৪২.৫	৪২.৫	৪২.৫	৪২.৫
পিপলস ইন্স্যু.	৩৪.৯	৩৪.৯	৩৪.৯	৩৪.৯	৩৪.৯	৩৪.৯	৩৪.৯	৩৪.৯	৩৪.৯	৩৪.৯	৩৪.৯	৩৪.৯	৩৪.৯	৩৪.৯	৩৪.৯
ফিনিক্স ইন্স্যু.	৩৬.৪	৩৬.৪	৩৬.৪	৩৬.৪	৩৬.৪	৩৬.৪	৩৬.৪	৩৬.৪	৩৬.৪	৩৬.৪	৩৬.৪	৩৬.৪	৩৬.৪	৩৬.৪	৩৬.৪
পাইওনিয়ার ইন্স্যু.	৭১.৫	৭১.৫	৭১.৫	৭১.৫	৭১.৫	৭১.৫	৭১.৫	৭১.৫	৭১.৫	৭১.৫	৭১.৫	৭১.৫	৭১.৫	৭১.৫	৭১.৫
পপুলার লাইফ ইন্স্যু.	৬৬.০	৬৬.০	৬৬.০	৬৬.০	৬৬.০	৬৬.০	৬৬.০	৬৬.০	৬৬.০	৬৬.০	৬৬.০	৬৬.০	৬৬.০	৬৬.০	৬৬.০
প্রগতি ইন্স্যুরেন্স	৩০.০	৩০.০	৩০.০	৩০.০	৩০.০	৩০.০	৩০.০	৩০.০	৩০.০	৩০.০	৩০.০	৩০.০	৩০.০	৩০.০	৩০.০
প্রগতি লাইফ ইন্স্যু.	১৩৩.৪	১৩৩.৪	১৩৩.৪	১৩৩.৪	১৩৩.৪	১৩৩.৪	১৩৩.৪	১৩৩.৪	১৩৩.৪	১৩৩.৪	১৩৩.৪	১৩৩.৪	১৩৩.৪	১৩৩.৪	১৩৩.৪
প্রাইম ইন্স্যুরেন্স	২৮.৮	২৮.৮	২৮.৮	২৮.৮	২৮.৮	২৮.৮	২৮.৮	২৮.৮	২৮.৮	২৮.৮	২৮.৮	২৮.৮	২৮.৮	২৮.৮	২৮.৮
প্রাইম ই.লাইফ	৫৬.৬	৫৬.৬	৫৬.৬	৫৬.৬	৫৬.৬	৫৬.৬	৫৬.৬	৫৬.৬	৫৬.৬	৫৬.৬	৫৬.৬	৫৬.৬	৫৬.৬	৫৬.৬	৫৬.৬
প্রগ্রেসিভ লাইফ ইন্স্যু.	৭৬.৭	৭৬.৭	৭৬.৭	৭৬.৭	৭৬.৭	৭৬.৭	৭৬.৭	৭৬.৭	৭৬.৭	৭৬.৭	৭৬.৭	৭৬.৭	৭৬.৭	৭৬.৭	৭৬.৭
প্রভাতী ইন্স্যুরেন্স	৫৮.৯	৫৮.৯	৫৮.৯	৫৮.৯	৫৮.৯	৫৮.৯	৫৮.৯	৫৮.৯	৫৮.৯	৫৮.৯	৫৮.৯	৫৮.৯	৫৮.৯	৫৮.৯	৫৮.৯
পূরবী জে. ইন্স্যু.	২৭.৭	২৭.৭	২৭.৭	২৭.৭	২৭.৭	২৭.৭	২৭.৭	২৭.৭	২৭.৭	২৭.৭	২৭.৭	২৭.৭	২৭.৭	২৭.৭	২৭.৭
রিলায়েন্স ইন্স্যু.	৫৯.৭	৫৯.৭	৫৯.৭	৫৯.৭	৫৯.৭	৫৯.৭	৫৯.৭	৫৯.৭	৫৯.৭	৫৯.৭	৫৯.৭	৫৯.৭	৫৯.৭	৫৯.৭	৫৯.৭
রিপাবলিক ইন্স্যু.	৩২.২	৩২.২	৩২.২	৩২.২	৩২.২	৩২.২	৩২.২	৩২.২	৩২.২	৩২.২	৩২.২	৩২.২	৩২.২	৩২.২	৩২.২
রূপালী ইন্স্যুরেন্স	২৫.৬	২৫.৬	২৫.৬	২৫.৬	২৫.৬	২৫.৬	২৫.৬	২৫.৬	২৫.৬	২৫.৬	২৫.৬	২৫.৬	২৫.৬	২৫.৬	২৫.৬
রূপালী লাইফ ইন্স্যু.	৮১.৮	৮১.৮	৮১.৮	৮১.৮	৮১.৮	৮১.৮	৮১.৮	৮১.৮	৮১.৮	৮১.৮	৮১.৮	৮১.৮	৮১.৮	৮১.৮	৮১.৮
সন্ধানী লাইফ ইন্স্যু.	২৬.৯	২৬.৯	২৬.৯	২৬.৯	২৬.৯	২৬.৯	২৬.৯	২৬.৯	২৬.৯	২৬.৯	২৬.৯	২৬.৯	২৬.৯	২৬.৯	২৬.৯
সোনারবাংলা ইন্স্যুরেন্স	৫৭.৪	৫৭.৪	৫৭.৪	৫৭.৪	৫৭.৪	৫৭.৪	৫৭.৪	৫৭.৪	৫৭.৪	৫৭.৪	৫৭.৪	৫৭.৪	৫৭.৪	৫৭.৪	৫৭.৪
সোনালী লাইফ ইন্স্যু.	৬২.৮	৬২.৮	৬২.৮	৬২.৮	৬২.৮	৬২.৮	৬২.৮	৬২.৮	৬২.৮	৬২.৮	৬২.৮	৬২.৮	৬২.৮	৬২.৮	৬২.৮
সোনার বাংলাপ	৪২.৬	৪২.৬	৪২.৬	৪২.৬	৪২.৬	৪২.৬	৪২.৬	৪২.৬	৪২.৬	৪২.৬	৪২.৬	৪২.৬	৪২.৬	৪২.৬	৪২.৬
স্ট্যান্ডার্ড ইন্স্যু.	৪৫.০	৪৫.০	৪৫.০	৪৫.০	৪৫.০	৪৫.০	৪৫.০	৪৫.০	৪৫.০	৪৫.০	৪৫.০	৪৫.০	৪৫.০	৪৫.০	৪৫.০
সানলাইফ ইন্স্যু.	৫৩.৯	৫৩.৯	৫৩.৯	৫৩.৯	৫৩.৯	৫৩.৯	৫৩.৯	৫৩.৯	৫৩.৯	৫৩.৯	৫৩.৯	৫৩.৯	৫৩.৯	৫৩.৯	৫৩.৯
তাকাফুল ইন্স্যু.	৪৩.৪	৪৩.৪	৪৩.৪	৪৩.৪	৪৩.৪	৪৩.৪	৪৩.৪	৪৩.৪	৪৩.৪	৪৩.৪	৪৩.৪	৪৩.৪	৪৩.৪	৪৩.৪	৪৩.৪
ইউনিয়ন ইন্স্যুরেন্স	৩৬.৮	৩৬.৮	৩৬.৮	৩৬.৮	৩৬.৮	৩৬.৮	৩৬.৮	৩৬.৮	৩৬.৮	৩৬.৮	৩৬.৮	৩৬.৮	৩৬.৮	৩৬.৮	৩৬.৮
ইউনাইটেড ইন্স্যু.	৪৩.৭	৪৩.৭	৪৩.৭	৪৩.৭	৪৩.৭	৪৩.৭	৪৩.৭	৪৩.৭	৪৩.৭	৪৩.৭	৪৩.৭	৪৩.৭	৪৩.৭	৪৩.৭	৪৩.৭
বিনিয়োগ
১ম জনতা ব্যাংক মি.	৬.১	৬.১	৬.১	৬.১	৬.১	৬.১	৬.১	৬.১	৬.১	৬.১	৬.১	৬.১	৬.১	৬.১	৬.১
প্রাইম ফিনান্স ১ম মি.	১৬.০	১৬.০	১৬.০	১৬.০	১৬.০	১৬.০	১৬.০	১৬.০	১৬.০	১৬.০	১৬.০	১৬.০	১৬.০	১৬.০	১৬.০
এবি ব্যাংক ১ম মিউ.	৫.২	৫.২	৫.২	৫.২	৫.২	৫.২	৫.২	৫.২	৫.২	৫.২	৫.২	৫.২	৫.২	৫.২	৫.২
এআইবিএল ১ম মি.	৭.৬	৭.৬	৭.৬	৭.৬	৭.৬	৭.৬	৭.৬	৭.৬	৭.৬	৭.৬	৭.৬	৭.৬	৭.৬	৭.৬	৭.৬
এশিয়ান টাইগার সি জি এফ	৯.৭	৯.৭	৯.৭	৯.৭	৯.৭	৯.৭	৯.৭	৯.৭	৯.৭	৯.৭	৯.৭	৯.৭	৯.৭	৯.৭	৯.৭
সিএপিএম মি.ফা.০১	৯.৯	৯.৯	৯.৯	৯.৯	৯.৯	৯.৯	৯.৯	৯.৯	৯.৯	৯.৯	৯.৯	৯.৯	৯.৯	৯.৯	৯.৯
